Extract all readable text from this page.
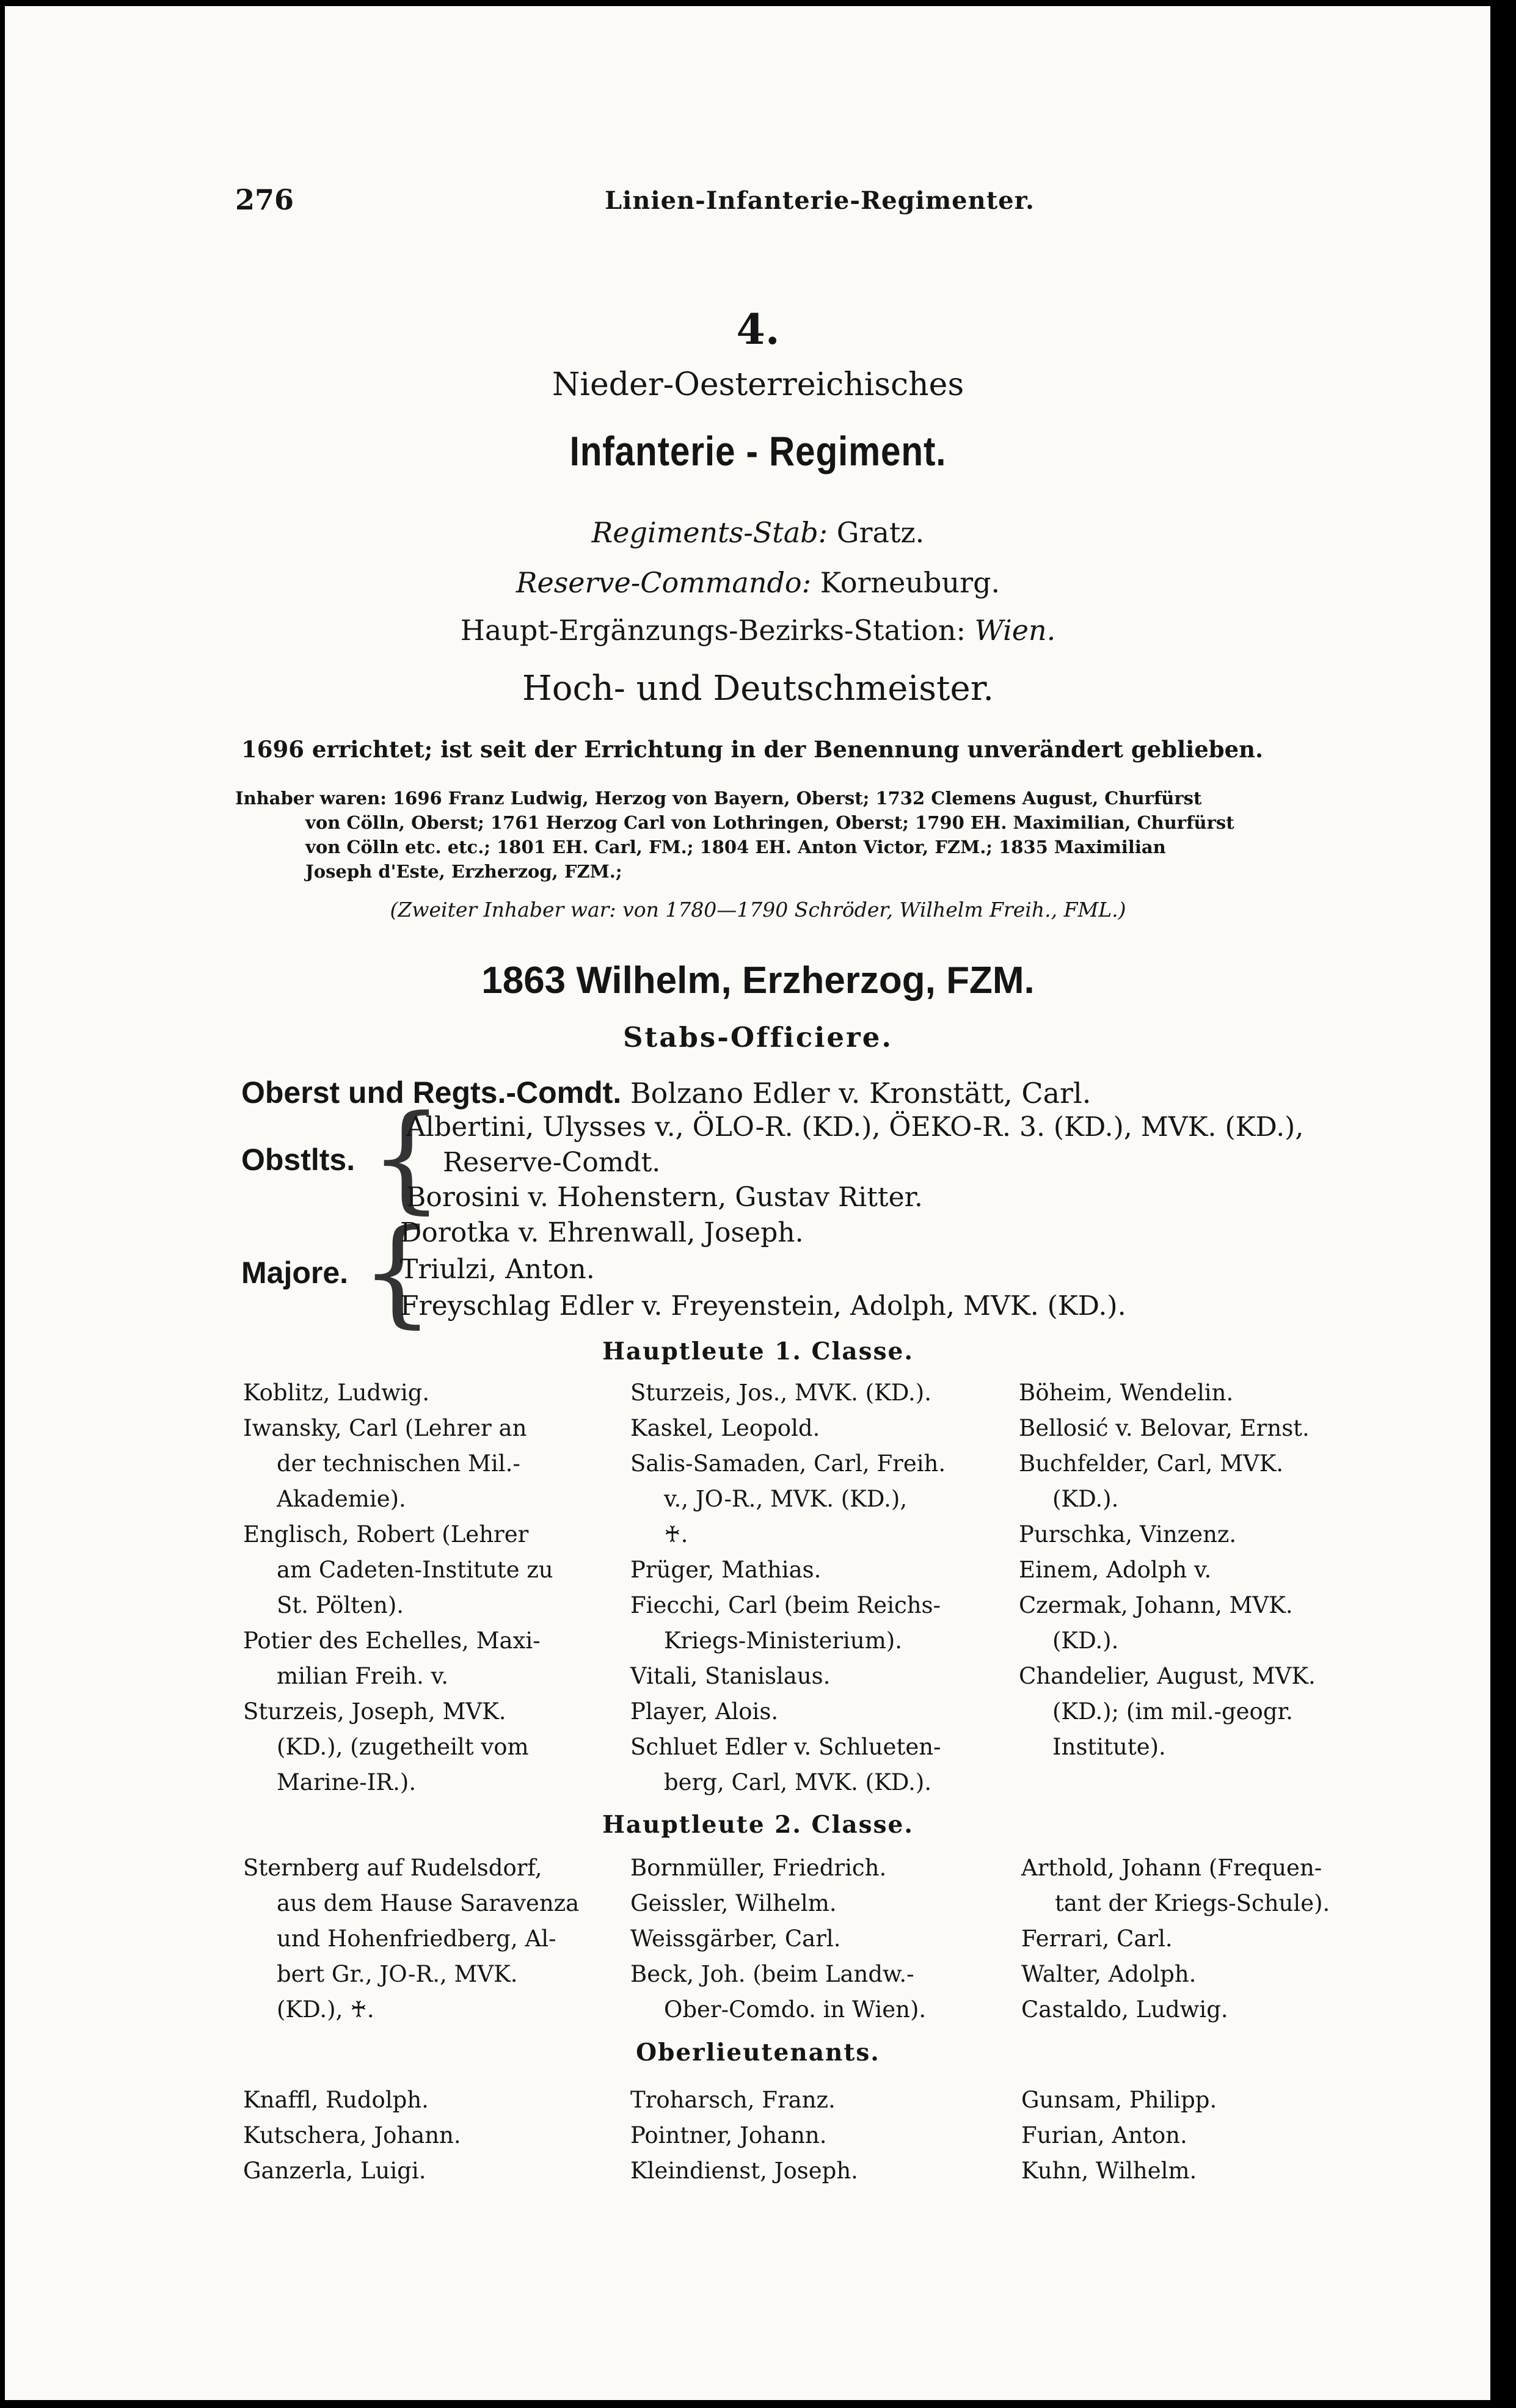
276	Linien-Infanterie-Regimenter.
4.
Nieder-Oesterreichisches
Infanterie - Regiment.
Regiments-Stab: Gratz.
Reserve-Commando: Korneuburg.
Haupt-Ergänzungs-Bezirks-Station: Wien.
Hoch- und Deutschmeister.
1696 errichtet; ist seit der Errichtung in der Benennung unverändert geblieben.
Inhaber waren: 1696 Franz Ludwig, Herzog von Bayern, Oberst; 1732 Clemens August, Churfürst
von Cölln, Oberst; 1761 Herzog Carl von Lothringen, Oberst; 1790 EH. Maximilian, Churfürst
von Cölln etc. etc.; 1801 EH. Carl, FM.; 1804 EH. Anton Victor, FZM.; 1835 Maximilian
Joseph d'Este, Erzherzog, FZM.;
(Zweiter Inhaber war: von 1780—1790 Schröder, Wilhelm Freih., FML.)
1863 Wilhelm, Erzherzog, FZM.
Stabs-Officiere.
Oberst und Regts.-Comdt. Bolzano Edler v. Kronstätt, Carl.
Obstlts. {
Albertini, Ulysses v., ÖLO-R. (KD.), ÖEKO-R. 3. (KD.), MVK. (KD.),
Reserve-Comdt.
Borosini v. Hohenstern, Gustav Ritter.
Majore. {
Dorotka v. Ehrenwall, Joseph.
Triulzi, Anton.
Freyschlag Edler v. Freyenstein, Adolph, MVK. (KD.).
Hauptleute 1. Classe.
Koblitz, Ludwig.
Iwansky, Carl (Lehrer an
der technischen Mil.-
Akademie).
Englisch, Robert (Lehrer
am Cadeten-Institute zu
St. Pölten).
Potier des Echelles, Maxi-
milian Freih. v.
Sturzeis, Joseph, MVK.
(KD.), (zugetheilt vom
Marine-IR.).
Sturzeis, Jos., MVK. (KD.).
Kaskel, Leopold.
Salis-Samaden, Carl, Freih.
v., JO-R., MVK. (KD.),
♰.
Prüger, Mathias.
Fiecchi, Carl (beim Reichs-
Kriegs-Ministerium).
Vitali, Stanislaus.
Player, Alois.
Schluet Edler v. Schlueten-
berg, Carl, MVK. (KD.).
Böheim, Wendelin.
Bellosić v. Belovar, Ernst.
Buchfelder, Carl, MVK.
(KD.).
Purschka, Vinzenz.
Einem, Adolph v.
Czermak, Johann, MVK.
(KD.).
Chandelier, August, MVK.
(KD.); (im mil.-geogr.
Institute).
Hauptleute 2. Classe.
Sternberg auf Rudelsdorf,
aus dem Hause Saravenza
und Hohenfriedberg, Al-
bert Gr., JO-R., MVK.
(KD.), ♰.
Bornmüller, Friedrich.
Geissler, Wilhelm.
Weissgärber, Carl.
Beck, Joh. (beim Landw.-
Ober-Comdo. in Wien).
Arthold, Johann (Frequen-
tant der Kriegs-Schule).
Ferrari, Carl.
Walter, Adolph.
Castaldo, Ludwig.
Oberlieutenants.
Knaffl, Rudolph.
Kutschera, Johann.
Ganzerla, Luigi.
Troharsch, Franz.
Pointner, Johann.
Kleindienst, Joseph.
Gunsam, Philipp.
Furian, Anton.
Kuhn, Wilhelm.
